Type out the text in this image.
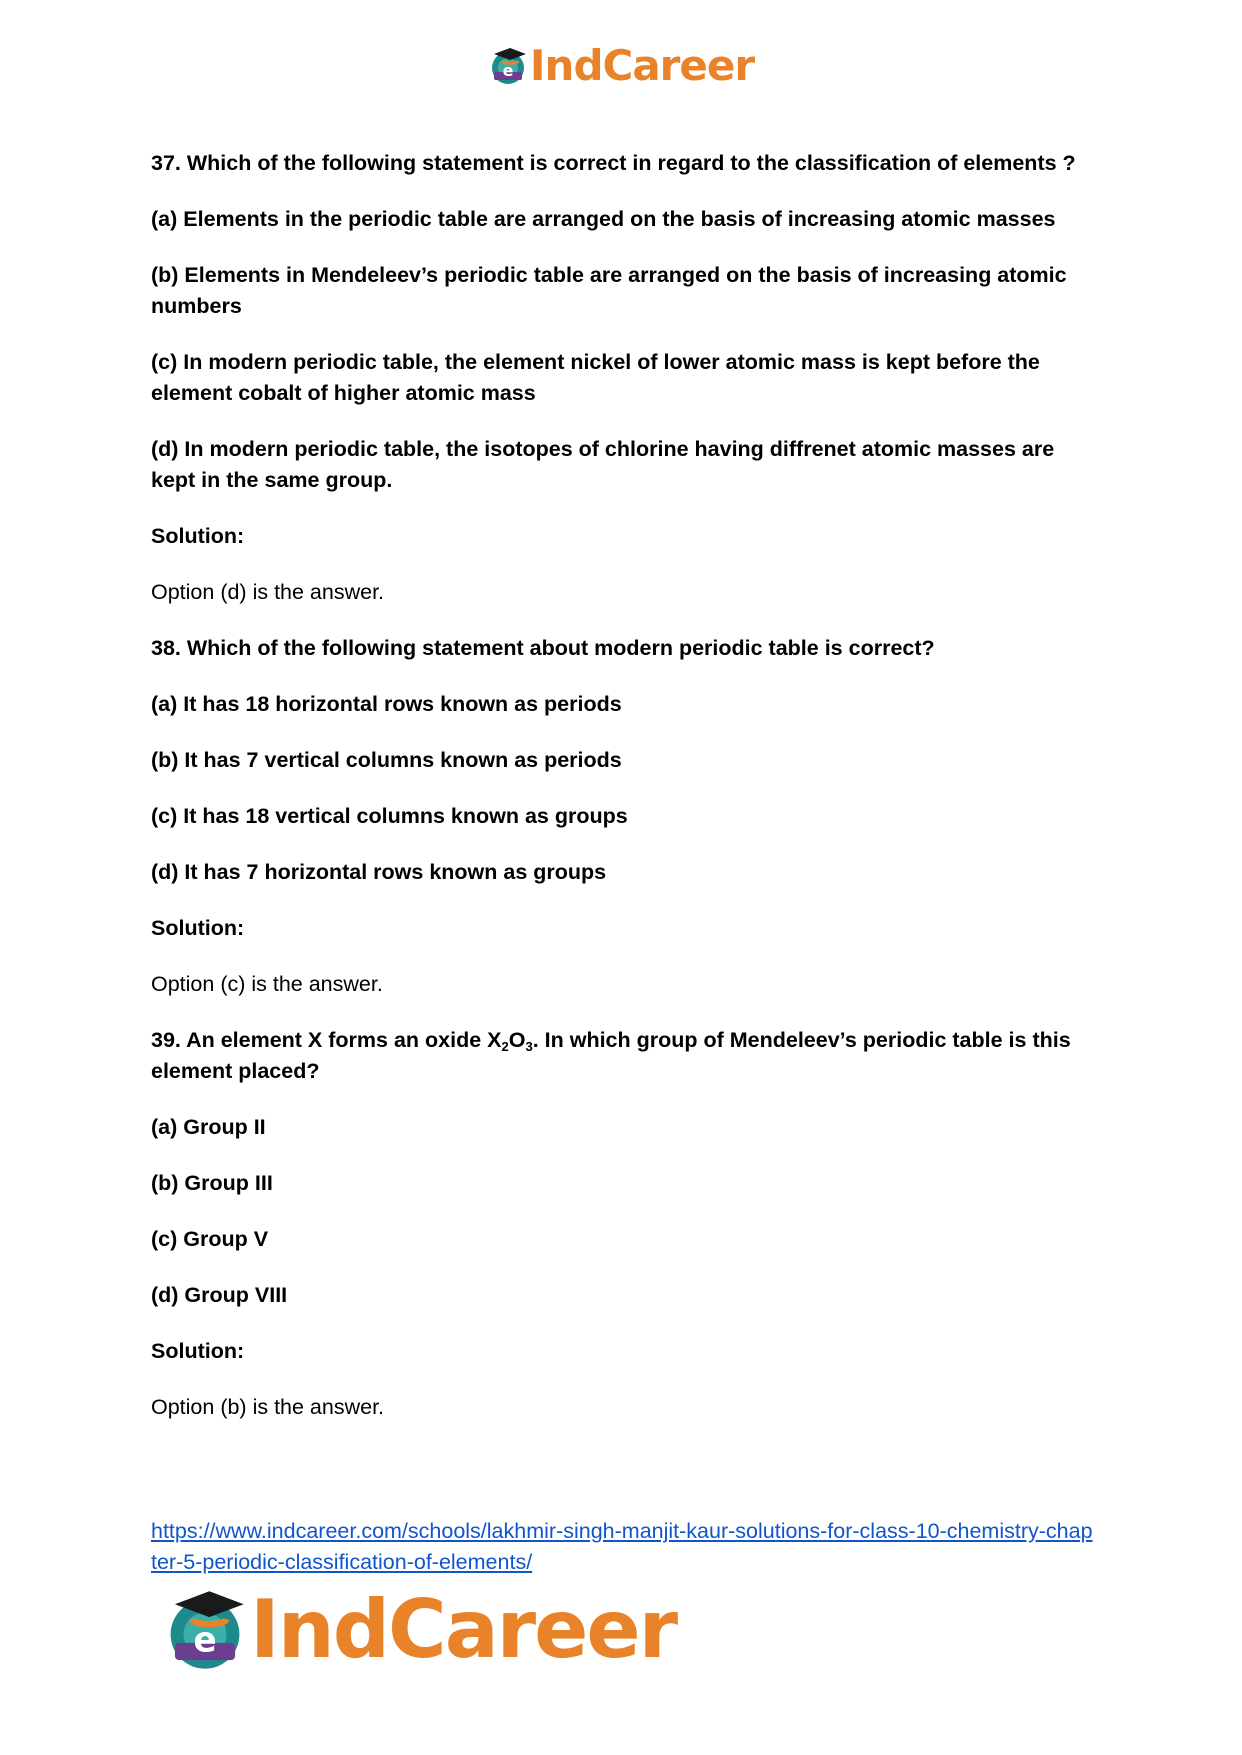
e IndCareer

37. Which of the following statement is correct in regard to the classification of elements ?

(a) Elements in the periodic table are arranged on the basis of increasing atomic masses

(b) Elements in Mendeleev’s periodic table are arranged on the basis of increasing atomic numbers

(c) In modern periodic table, the element nickel of lower atomic mass is kept before the element cobalt of higher atomic mass

(d) In modern periodic table, the isotopes of chlorine having diffrenet atomic masses are kept in the same group.

Solution:

Option (d) is the answer.

38. Which of the following statement about modern periodic table is correct?

(a) It has 18 horizontal rows known as periods

(b) It has 7 vertical columns known as periods

(c) It has 18 vertical columns known as groups

(d) It has 7 horizontal rows known as groups

Solution:

Option (c) is the answer.

39. An element X forms an oxide $X_2O_3$. In which group of Mendeleev’s periodic table is this element placed?

(a) Group II

(b) Group III

(c) Group V

(d) Group VIII

Solution:

Option (b) is the answer.

https://www.indcareer.com/schools/lakhmir-singh-manjit-kaur-solutions-for-class-10-chemistry-chapter-5-periodic-classification-of-elements/
e IndCareer
